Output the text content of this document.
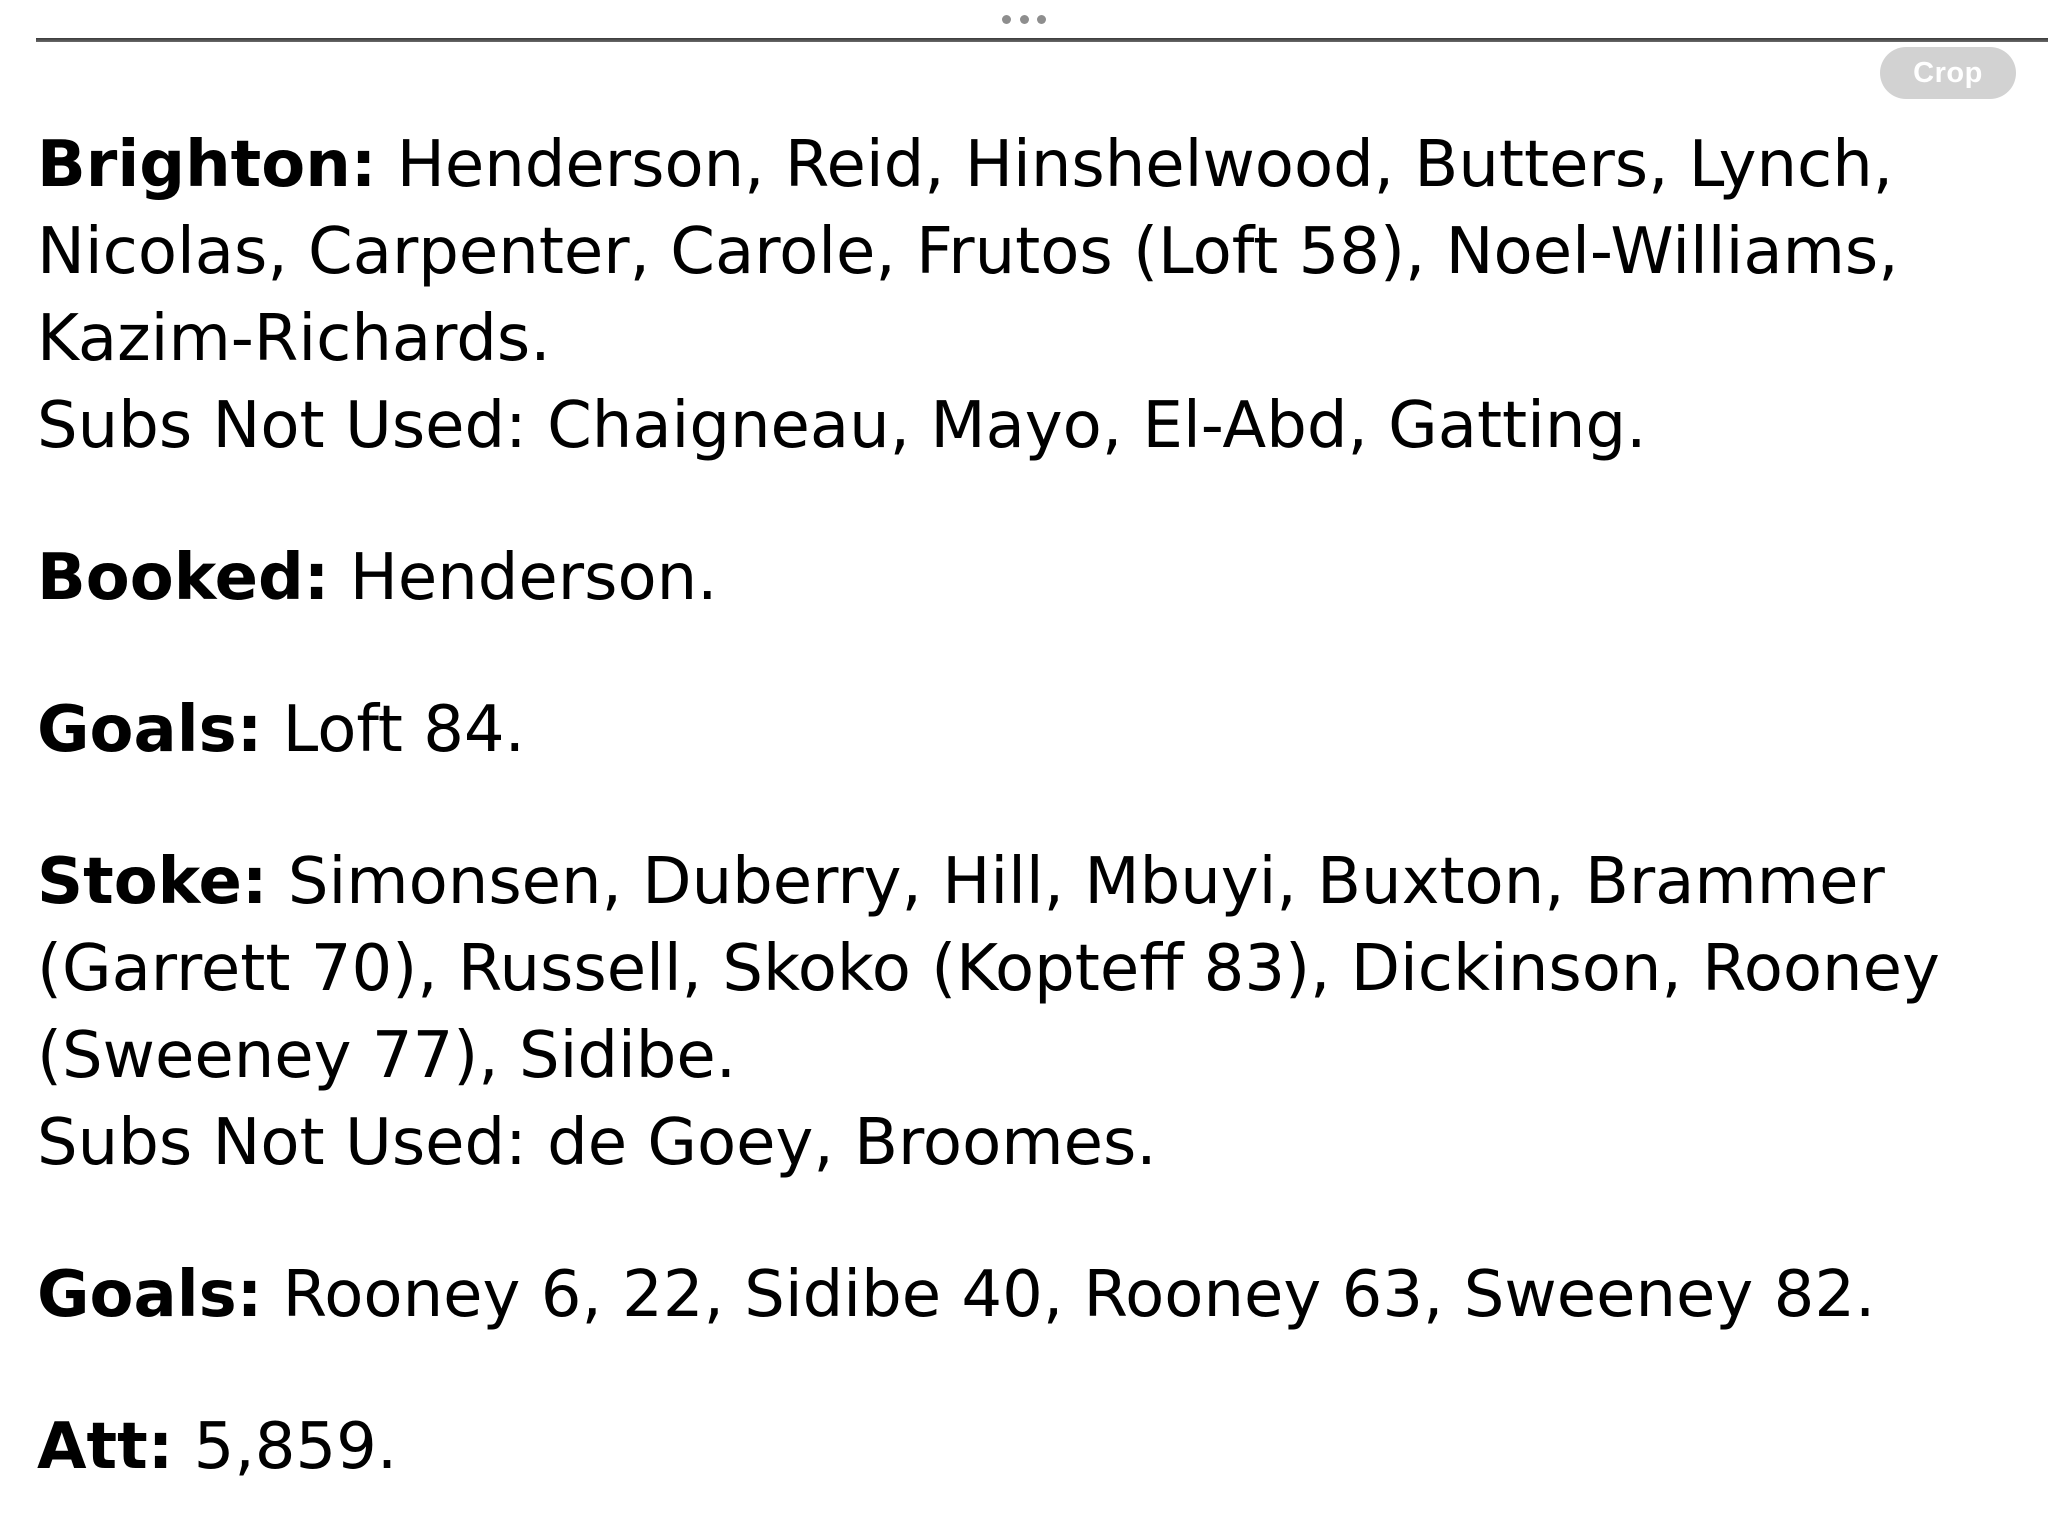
Crop
Brighton: Henderson, Reid, Hinshelwood, Butters, Lynch,
Nicolas, Carpenter, Carole, Frutos (Loft 58), Noel-Williams,
Kazim-Richards.
Subs Not Used: Chaigneau, Mayo, El-Abd, Gatting.
Booked: Henderson.
Goals: Loft 84.
Stoke: Simonsen, Duberry, Hill, Mbuyi, Buxton, Brammer
(Garrett 70), Russell, Skoko (Kopteff 83), Dickinson, Rooney
(Sweeney 77), Sidibe.
Subs Not Used: de Goey, Broomes.
Goals: Rooney 6, 22, Sidibe 40, Rooney 63, Sweeney 82.
Att: 5,859.
